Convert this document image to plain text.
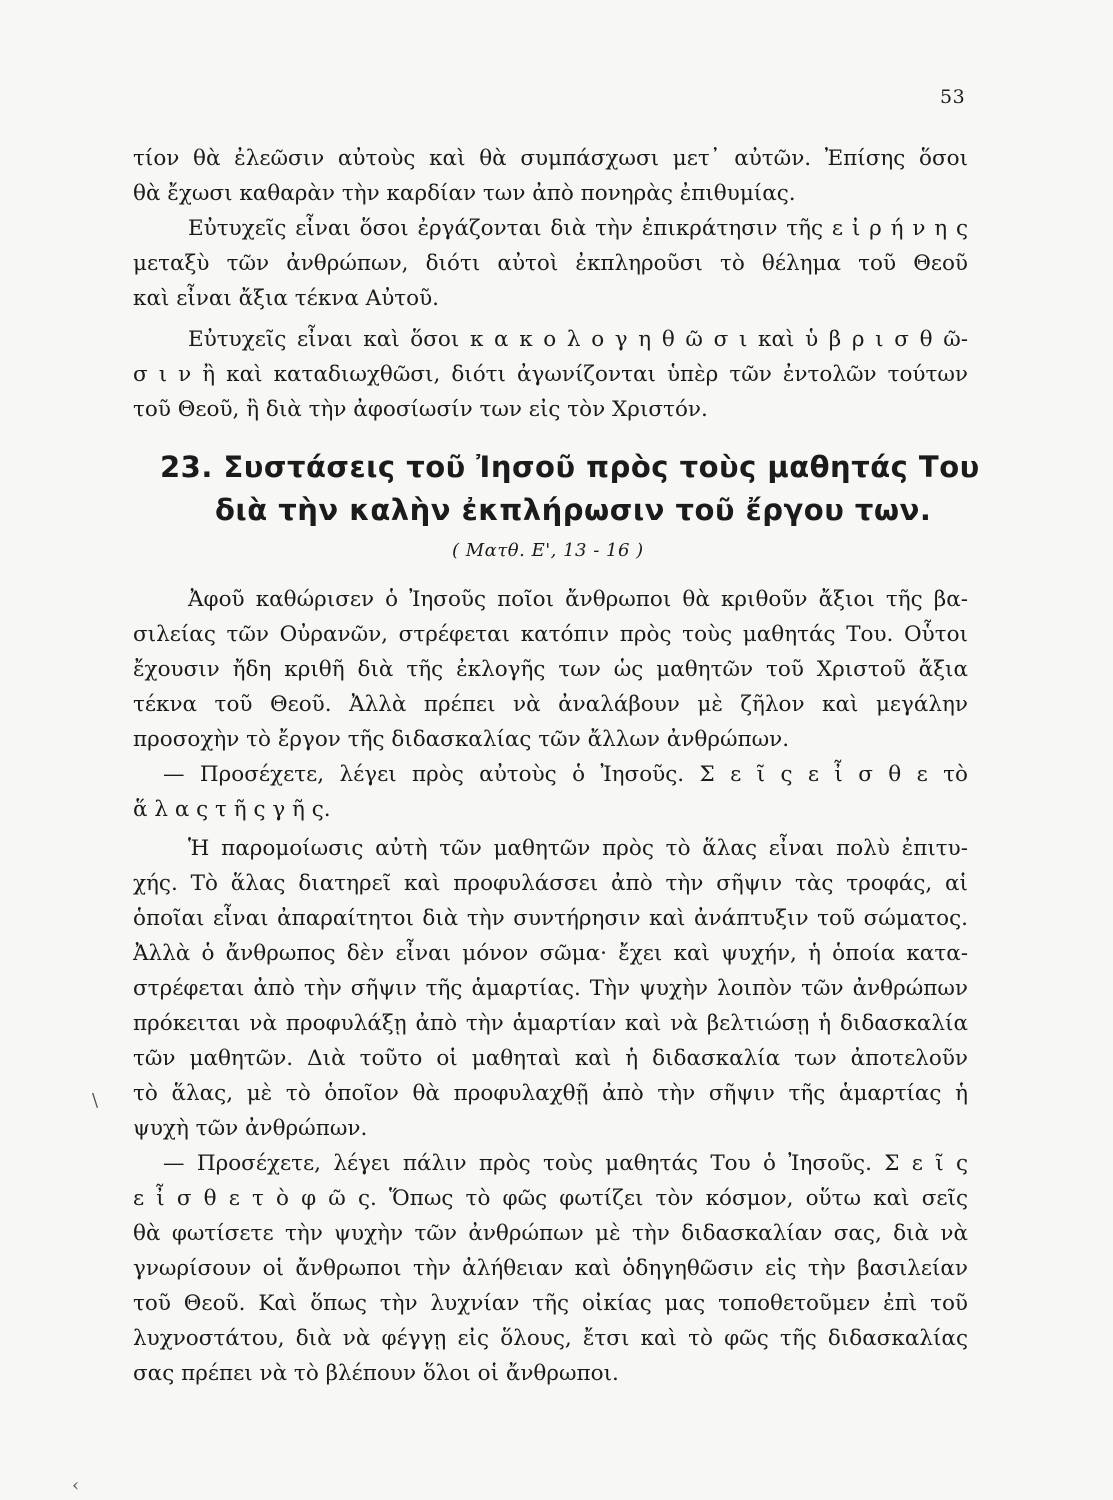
53
τίον θὰ ἐλεῶσιν αὐτοὺς καὶ θὰ συμπάσχωσι μετ᾽ αὐτῶν. Ἐπίσης ὅσοι
θὰ ἔχωσι καθαρὰν τὴν καρδίαν των ἀπὸ πονηρὰς ἐπιθυμίας.
Εὐτυχεῖς εἶναι ὅσοι ἐργάζονται διὰ τὴν ἐπικράτησιν τῆς ε ἰ ρ ή ν η ς
μεταξὺ τῶν ἀνθρώπων, διότι αὐτοὶ ἐκπληροῦσι τὸ θέλημα τοῦ Θεοῦ
καὶ εἶναι ἄξια τέκνα Αὐτοῦ.
Εὐτυχεῖς εἶναι καὶ ὅσοι κ α κ ο λ ο γ η θ ῶ σ ι καὶ ὑ β ρ ι σ θ ῶ-
σ ι ν ἢ καὶ καταδιωχθῶσι, διότι ἀγωνίζονται ὑπὲρ τῶν ἐντολῶν τούτων
τοῦ Θεοῦ, ἢ διὰ τὴν ἀφοσίωσίν των εἰς τὸν Χριστόν.
23. Συστάσεις τοῦ Ἰησοῦ πρὸς τοὺς μαθητάς Του
διὰ τὴν καλὴν ἐκπλήρωσιν τοῦ ἔργου των.
( Ματθ. Ε', 13 - 16 )
Ἀφοῦ καθώρισεν ὁ Ἰησοῦς ποῖοι ἄνθρωποι θὰ κριθοῦν ἄξιοι τῆς βα-
σιλείας τῶν Οὐρανῶν, στρέφεται κατόπιν πρὸς τοὺς μαθητάς Του. Οὗτοι
ἔχουσιν ἤδη κριθῆ διὰ τῆς ἐκλογῆς των ὡς μαθητῶν τοῦ Χριστοῦ ἄξια
τέκνα τοῦ Θεοῦ. Ἀλλὰ πρέπει νὰ ἀναλάβουν μὲ ζῆλον καὶ μεγάλην
προσοχὴν τὸ ἔργον τῆς διδασκαλίας τῶν ἄλλων ἀνθρώπων.
— Προσέχετε, λέγει πρὸς αὐτοὺς ὁ Ἰησοῦς. Σ ε ῖ ς ε ἶ σ θ ε τὸ
ἅ λ α ς τ ῆ ς γ ῆ ς.
Ἡ παρομοίωσις αὐτὴ τῶν μαθητῶν πρὸς τὸ ἅλας εἶναι πολὺ ἐπιτυ-
χής. Τὸ ἅλας διατηρεῖ καὶ προφυλάσσει ἀπὸ τὴν σῆψιν τὰς τροφάς, αἱ
ὁποῖαι εἶναι ἀπαραίτητοι διὰ τὴν συντήρησιν καὶ ἀνάπτυξιν τοῦ σώματος.
Ἀλλὰ ὁ ἄνθρωπος δὲν εἶναι μόνον σῶμα· ἔχει καὶ ψυχήν, ἡ ὁποία κατα-
στρέφεται ἀπὸ τὴν σῆψιν τῆς ἁμαρτίας. Τὴν ψυχὴν λοιπὸν τῶν ἀνθρώπων
πρόκειται νὰ προφυλάξῃ ἀπὸ τὴν ἁμαρτίαν καὶ νὰ βελτιώσῃ ἡ διδασκαλία
τῶν μαθητῶν. Διὰ τοῦτο οἱ μαθηταὶ καὶ ἡ διδασκαλία των ἀποτελοῦν
τὸ ἅλας, μὲ τὸ ὁποῖον θὰ προφυλαχθῇ ἀπὸ τὴν σῆψιν τῆς ἁμαρτίας ἡ
ψυχὴ τῶν ἀνθρώπων.
— Προσέχετε, λέγει πάλιν πρὸς τοὺς μαθητάς Του ὁ Ἰησοῦς. Σ ε ῖ ς
ε ἶ σ θ ε τ ὸ φ ῶ ς. Ὅπως τὸ φῶς φωτίζει τὸν κόσμον, οὕτω καὶ σεῖς
θὰ φωτίσετε τὴν ψυχὴν τῶν ἀνθρώπων μὲ τὴν διδασκαλίαν σας, διὰ νὰ
γνωρίσουν οἱ ἄνθρωποι τὴν ἀλήθειαν καὶ ὁδηγηθῶσιν εἰς τὴν βασιλείαν
τοῦ Θεοῦ. Καὶ ὅπως τὴν λυχνίαν τῆς οἰκίας μας τοποθετοῦμεν ἐπὶ τοῦ
λυχνοστάτου, διὰ νὰ φέγγῃ εἰς ὅλους, ἔτσι καὶ τὸ φῶς τῆς διδασκαλίας
σας πρέπει νὰ τὸ βλέπουν ὅλοι οἱ ἄνθρωποι.
\
‹
